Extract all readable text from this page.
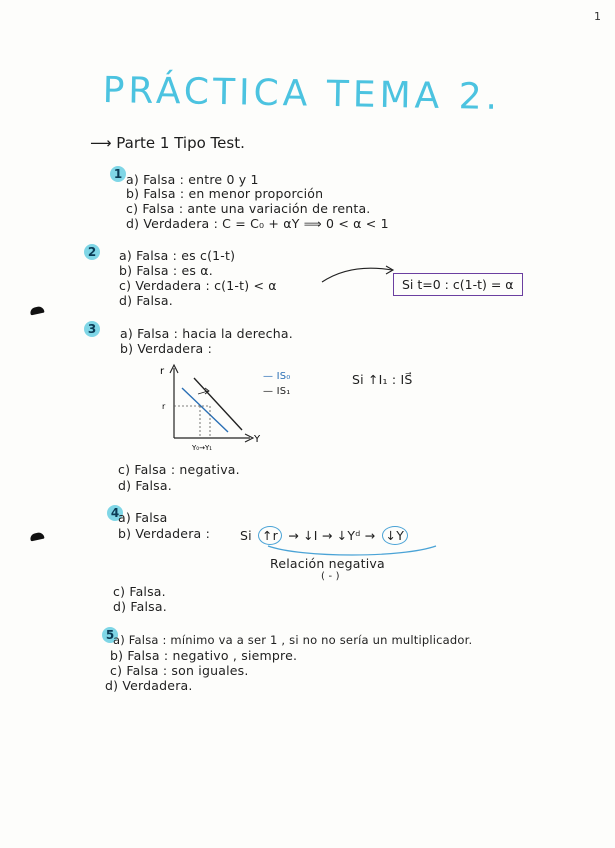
1
PRÁCTICA TEMA 2.
⟶ Parte 1 Tipo Test.
1 a) Falsa : entre 0 y 1
b) Falsa : en menor proporción
c) Falsa : ante una variación de renta.
d) Verdadera : C = C₀ + αY ⟹ 0 < α < 1
2	a) Falsa : es c(1-t)
b) Falsa : es α.
c) Verdadera : c(1-t) < α
d) Falsa.
Si t=0 : c(1-t) = α
3	a) Falsa : hacia la derecha.
b) Verdadera :
r
Y
r
Y₀→Y₁
— IS₀
— IS₁
Si ↑I₁ : IS⃗
c) Falsa : negativa.
d) Falsa.
4
a) Falsa
b) Verdadera : Si ↑r → ↓I → ↓Yᵈ → ↓Y
Relación negativa
( - )
c) Falsa.
d) Falsa.
5
a) Falsa : mínimo va a ser 1 , si no no sería un multiplicador.
b) Falsa : negativo , siempre.
c) Falsa : son iguales.
d) Verdadera.
